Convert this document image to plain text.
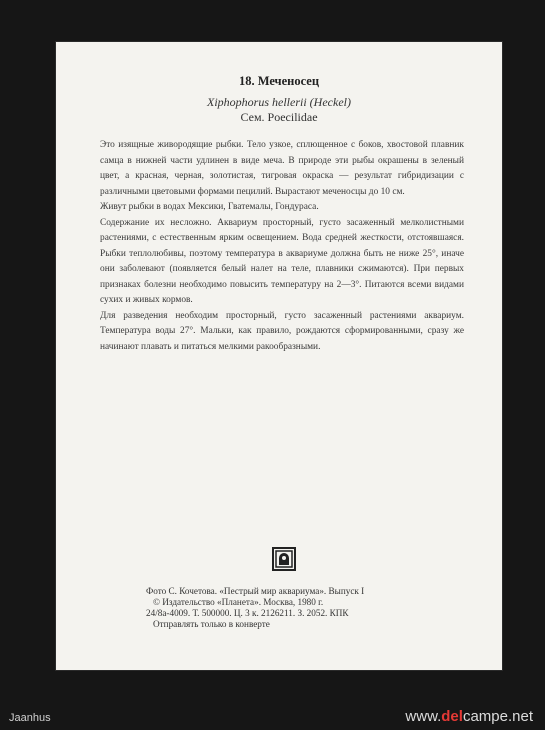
18. Меченосец
Xiphophorus hellerii (Heckel)
Сем. Poecilidae

Это изящные живородящие рыбки. Тело узкое, сплющенное с боков, хвостовой плавник самца в нижней части удлинен в виде меча. В природе эти рыбы окрашены в зеленый цвет, а красная, черная, золотистая, тигровая окраска — результат гибридизации с различными цветовыми формами пецилий. Вырастают меченосцы до 10 см.

Живут рыбки в водах Мексики, Гватемалы, Гондураса.

Содержание их несложно. Аквариум просторный, густо засаженный мелколистными растениями, с естественным ярким освещением. Вода средней жесткости, отстоявшаяся. Рыбки теплолюбивы, поэтому температура в аквариуме должна быть не ниже 25°, иначе они заболевают (появляется белый налет на теле, плавники сжимаются). При первых признаках болезни необходимо повысить температуру на 2—3°. Питаются всеми видами сухих и живых кормов.

Для разведения необходим просторный, густо засаженный растениями аквариум. Температура воды 27°. Мальки, как правило, рождаются сформированными, сразу же начинают плавать и питаться мелкими ракообразными.

Фото С. Кочетова. «Пестрый мир аквариума». Выпуск I
© Издательство «Планета». Москва, 1980 г.
24/8а-4009. Т. 500000. Ц. 3 к. 2126211. З. 2052. КПК
Отправлять только в конверте
Jaanhus	www.delcampe.net
